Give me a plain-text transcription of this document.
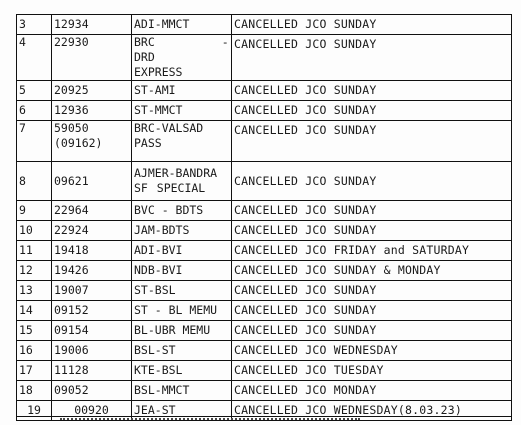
3	12934	ADI-MMCT	CANCELLED JCO SUNDAY
4	22930	BRC - DRD EXPRESS	CANCELLED JCO SUNDAY
5	20925	ST-AMI	CANCELLED JCO SUNDAY
6	12936	ST-MMCT	CANCELLED JCO SUNDAY
7	59050 (09162)	BRC-VALSAD PASS	CANCELLED JCO SUNDAY
8	09621	AJMER-BANDRA SF SPECIAL	CANCELLED JCO SUNDAY
9	22964	BVC - BDTS	CANCELLED JCO SUNDAY
10	22924	JAM-BDTS	CANCELLED JCO SUNDAY
11	19418	ADI-BVI	CANCELLED JCO FRIDAY and SATURDAY
12	19426	NDB-BVI	CANCELLED JCO SUNDAY & MONDAY
13	19007	ST-BSL	CANCELLED JCO SUNDAY
14	09152	ST - BL MEMU	CANCELLED JCO SUNDAY
15	09154	BL-UBR MEMU	CANCELLED JCO SUNDAY
16	19006	BSL-ST	CANCELLED JCO WEDNESDAY
17	11128	KTE-BSL	CANCELLED JCO TUESDAY
18	09052	BSL-MMCT	CANCELLED JCO MONDAY
19	00920	JEA-ST	CANCELLED JCO WEDNESDAY(8.03.23)
